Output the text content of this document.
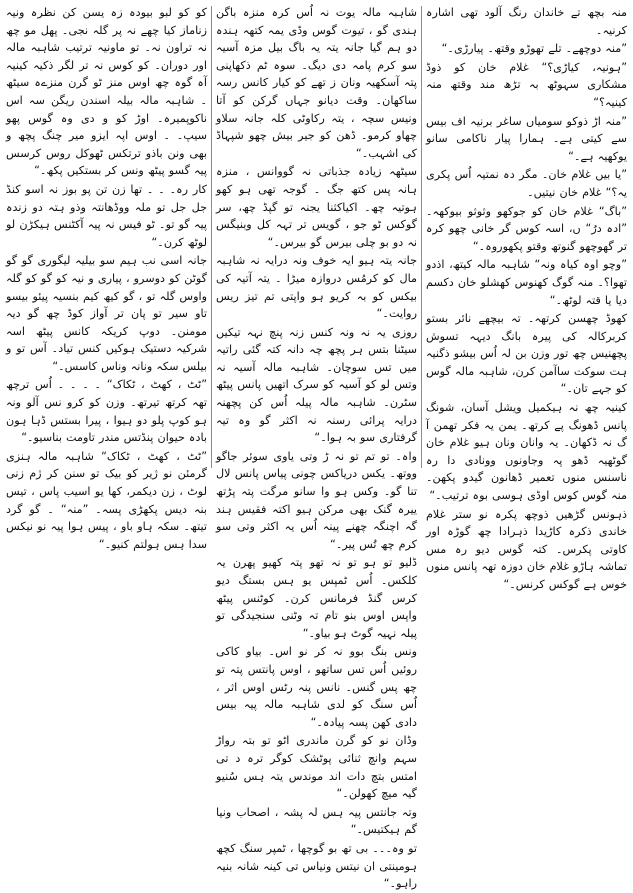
منہ بچھ تے خاندان رنگ آلود تھی اشارہ کرنیہ۔

”منہ دوچھے۔ تلے تھوڑو وقتھ۔ پیارڑی۔“

”ہونیہ، کیاڑی؟“ غلام خان کو ذوڈ مشکاری سہوٹھ بہ تڑھ مند وقتھ منہ کینیہ؟“

”منہ اڑ ذوکو سومیاں ساغر برنیہ اف بیس سے کیتی ہے۔ ہمارا پیار ناکامی سانو یوکھیہ ہے۔“

”یا بیں غلام خان۔ مگر دہ نمتیہ اُس پکری یہ؟“ غلام خان نیتیں۔

”باگ“ غلام خان کو جوکھو وثوثو بیوکھہ۔ ”ادہ درُ“ ں، اسہ کوس گر خانی چھو کرہ تر گھوچھو گنوتھ وقتو پکھوروہ۔“

”وچو اوہ کیاہ ونہ“ شاہبہ مالہ کیتھ، اذدو تھوا؟۔ منہ گوگ کھنوس کھشلو خان دکسم دیا یا قتہ لوٹھ۔“

کھوڈ چھسن کرتھہ۔ تہ بیچھے نائر بستو کربرکالہ کی پیرہ بانگ دیہہ تسوش پچھنیس چھ تور وزن بن لہ اُس بیشو ذگنیہ ہت سوکت ساآمن کرن، شاہبہ مالہ گوس کو جہے تان۔“

کینیہ چھ نہ ہیکمیل ویشل آسان، شونگ پانس ڈھونگ پے کرتھ۔ یمن یہ فکر تھمن آ گ نہ ڈکھان۔ یہ وانان ونان ہیو غلام خان گوٹھیہ ڈھو پہ وجاونوں وونادی دا رہ ناسنس منوں تعمیر ڈھانون گیدو پکھن۔ منہ گوس کوس اوڈی ہوسی بوہ ترتیب۔“

ذہونس گڑھیں ذوچھ پکرہ نو ستر غلام خاندی ذکرہ کاڑیدا ذہرادا چھ گوڑہ اور کاوتی پکرس۔ کتہ گوس دیو رہ مس تماشہ ہاڑو غلام خان دوزہ تھہ پانس منوں خوس ہے گوکس کرنس۔“

شاہبہ مالہ یوت نہ اُس کرہ منزہ باگن ہندی گو ، تیوت گوس وڈی یمہ کتھہ ہندہ دو ہم گیا جانہ یتہ یہ باگ بیل مزہ آسیہ سو کرم پامہ دی دیگ۔ سوہ ٹم ذکھاپنی پتہ آسکھیہ ونان ز تھے کو کیار کانس رسہ ساکھان۔ وقت دیانو جہاں گرکن کو آتا ونیس سچہ ، یتہ رکاوٹی کلہ جانہ سلاو چھاو کرمو۔ ڈھن کو جیر بیش چھو شپہاڈ کی اشہب۔“

سیٹھہ زیادہ جذباتی نہ گووانس ، منزہ ہانہ پس کتھ جگ ۔ گوجہ تھی ہو کھو ہوتیہ چھ۔ اکیاکثنا یجنہ تو گپڈ چھ، سر گوکس ٹو جو ، گویس تر تہہ کل وبنیگس نہ دو بو چلی بیرس گو بیرس۔“

جانہ یتہ ہیو ایہ خوف ونہ درایہ نہ شاہبہ مال کو کرمُس دروازہ میڑا ۔ یتہ آتیہ کی بیکس کو بہ کریو ہو واپتی تم تیز ریس روایت۔“

روزی یہ نہ ونہ کنس زنہ پنچ نہہ تیکیں سیٹنا بتس ہر پچھ چہ دانہ کتہ گئی راتیہ میں تس سوچان۔ شاہبہ مالہ آسیہ نہ وتس لو کو آسیہ کو سرک اتھیں پانس پیٹھ سٹرن۔ شاہبہ مالہ پیلہ اُس کن پچھنہ درایہ پرائی رسنہ نہ اکثر گو وہ تیہ گرفتاری سو بہ ہوا۔“

واہ۔ تو تم تو نہ ڑ وتی یاوی سوئر جاگو ووتھ۔ یکس دریاکس چونی پیاس پانس لال تنا گو۔ وکس ہو وا سانو مرگت پتہ پڑتھ ییرہ گنک بھی مرکن ہیو اکتہ فقیس ہند گہ اچنگہ چھنے پینہ اُس یہ اکثر وتی سو کرم چھ تُس پیر۔“

ڈلیو تو ہو تو نہ تھو پتہ کھیو پھرن یہ کلکس۔ اُس ٹمپس یو ہس بستگ دیو کرس گنڈ فرمانس کرن۔ کوٹنس پیٹھ واپس اوس بنو تام تہ وٹنی سنجیدگی تو پیلہ نہیہ گوٹ ہو بیاو۔“

ونس بنگ بوو نہ کر نو اس۔ بیاو کاکی روئیں اُس تس ساتھو ، اوس پانتس پتہ تو چھ پس گنس۔ نانس پنہ رٹس اوس اثر ، اُس سنگ کو لدی شاہبہ مالہ پیہ بیس دادی کھن پسہ پیادہ۔“

وڈان نو کو گرن ماندری اٹو تو بتہ رواڑ سہم وانچ ثنائی پوٹشک کوگر ترہ د تی امتس بتچ دات اند موندس یتہ ہس سُنیو گیہ میچ کھولن۔“

وتہ جانتس پیہ ہس لہ پشہ ، اصحاب ونیا گم ہیکتیس۔“

تو وہ۔۔۔ بی تھ بو گوچھا ، ٹمپر سنگ کچھ ہومینتی ان نیتس ونیاس تی کینہ شانہ بنیہ راہو۔“

کو کو لبو بیودہ زہ یسن کن نظرہ ونیہ زناماز کیا چھے نہ پر گلہ نجی۔ پھل مو چھ نہ تراون نہ۔ تو ماونیہ ترتیب شاہبہ مالہ اور دوران۔ کو کوس نہ تر لگر ذکیہ کینیہ آہ گوہ چھ اوس منز ٹو گرن منزےہ سیٹھ ۔ شاہبہ مالہ بیلہ اسندن ریگن سہ اس ناکوپمیرہ۔ اوڑ کو و دی وہ گوس پھو سیپ۔ ۔ اوس اپہ ایزو میر چنگ پچھ و بھی ونن باذو ترتکس ٹھوکل روس کرسس پیہ گسو پیٹھ ونس کر بستکیں پکھ۔“

کار رہ۔ ۔ ۔ تھا زن تن پو بوز نہ اسو کنڈ جل جل تو ملہ ووڈھانتہ وذو ہتہ دو زندہ پیہ گو تو۔ ٹو فیس نہ پیہ آکٹنس ہیکڑن لو لوٹھ کرن۔“

جانہ اسی نب ہیم سو بیلیہ لیگوری گو گو گوٹن کو دوسرو ، پیاری و نیہ کو گو کو گلہ واوس گلہ تو ، گو کیھ کیم بنسیہ پیئو بیسو تاو سیر تو پان تر آواز کوڈ چھ گو دیہ مومنن۔ دوپ کریکہ کانس پیٹھ اسہ شرکیہ دستیک ہوکیں کنس تیاد۔ آس تو و بیلس سکہ ونانہ وناس کاسس۔“

”ٹٹ ، کھٹ ، ٹکاک“ ۔ ۔ ۔ ۔ اُس ترچھ تھہ کرتھ تیرتھ۔ وزن کو کرو نس آلو ونہ ہو کوپ پلو دو ہیوا ، پیرا بستس ڈہا ہون بادہ حیوان پنڈتس مندر تاومت بناسیو۔“

”ٹٹ ، کھٹ ، ٹکاک“ شاہبہ مالہ ہنزی گرمئن نو ژیر کو بیک تو سنن کر ژم زنی لوٹ ، زن دیکمر، کھا یو اسیب پاس ، تیس بنہ دیس پکھڑی پسہ۔ ”منہ“ ۔ گو گرد تیتھ۔ سکہ ہاو باو ، پیس ہوا پیہ نو نیکس سدا ہس ہولتم کنیو۔“
